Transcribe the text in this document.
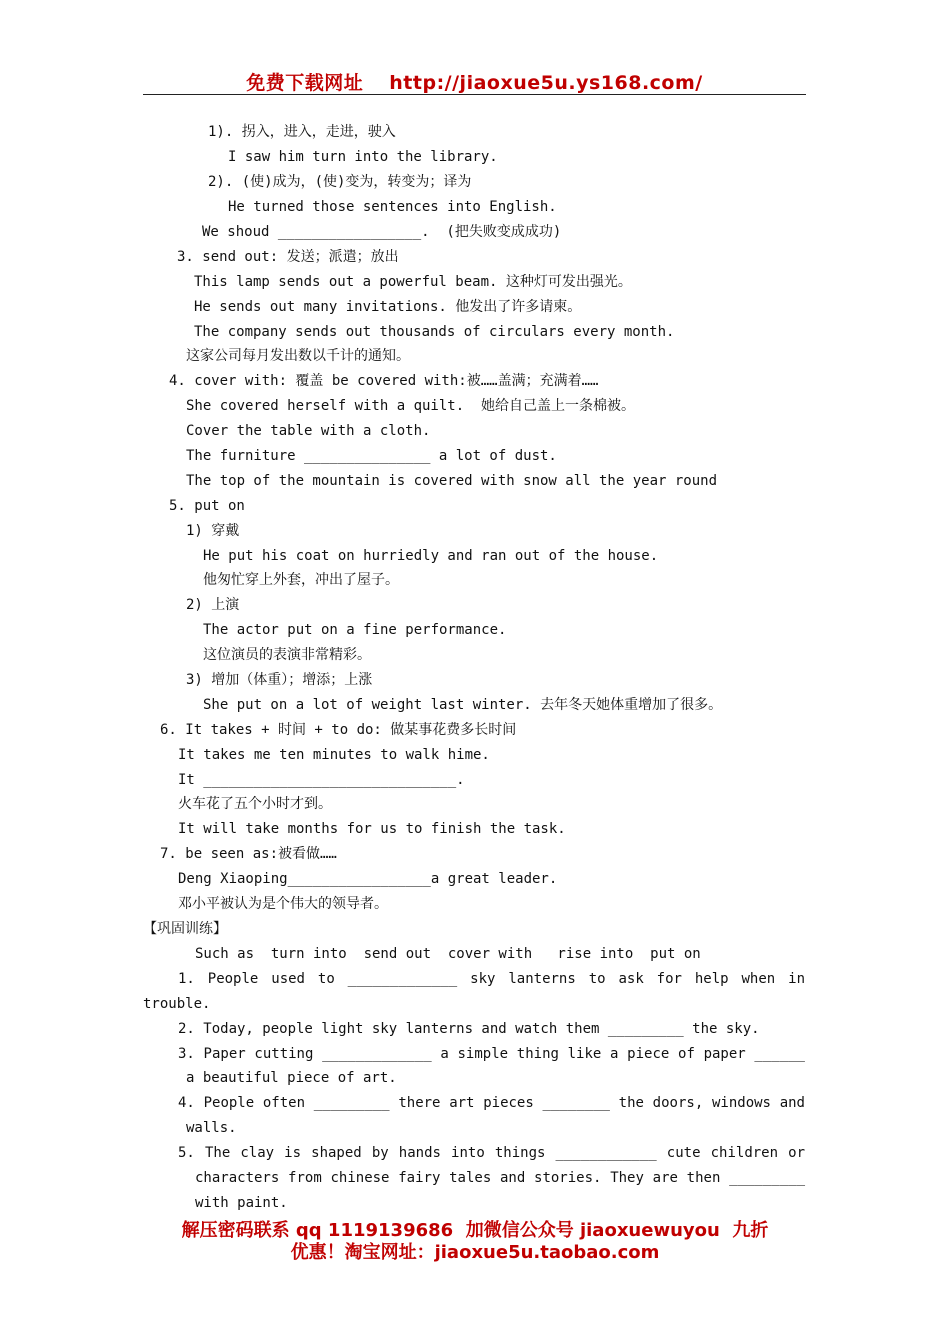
免费下载网址 http://jiaoxue5u.ys168.com/
1). 拐入，进入，走进，驶入
I saw him turn into the library.
2). (使)成为，(使)变为，转变为；译为
He turned those sentences into English.
We shoud _________________.  (把失败变成成功)
3. send out: 发送；派遣；放出
This lamp sends out a powerful beam. 这种灯可发出强光。
He sends out many invitations. 他发出了许多请柬。
The company sends out thousands of circulars every month.
这家公司每月发出数以千计的通知。
4. cover with: 覆盖 be covered with:被……盖满；充满着……
She covered herself with a quilt.  她给自己盖上一条棉被。
Cover the table with a cloth.
The furniture _______________ a lot of dust.
The top of the mountain is covered with snow all the year round
5. put on
1) 穿戴
He put his coat on hurriedly and ran out of the house.
他匆忙穿上外套，冲出了屋子。
2) 上演
The actor put on a fine performance.
这位演员的表演非常精彩。
3) 增加（体重）；增添；上涨
She put on a lot of weight last winter. 去年冬天她体重增加了很多。
6. It takes + 时间 + to do: 做某事花费多长时间
It takes me ten minutes to walk hime.
It ______________________________.
火车花了五个小时才到。
It will take months for us to finish the task.
7. be seen as:被看做……
Deng Xiaoping_________________a great leader.
邓小平被认为是个伟大的领导者。
【巩固训练】
Such as  turn into  send out  cover with   rise into  put on
1. People used to _____________ sky lanterns to ask for help when in
trouble.
2. Today, people light sky lanterns and watch them _________ the sky.
3. Paper cutting _____________ a simple thing like a piece of paper ______
a beautiful piece of art.
4. People often _________ there art pieces ________ the doors, windows and
walls.
5. The clay is shaped by hands into things ____________ cute children or
characters from chinese fairy tales and stories. They are then _________
with paint.
解压密码联系 qq 1119139686  加微信公众号 jiaoxuewuyou  九折
优惠！淘宝网址：jiaoxue5u.taobao.com
